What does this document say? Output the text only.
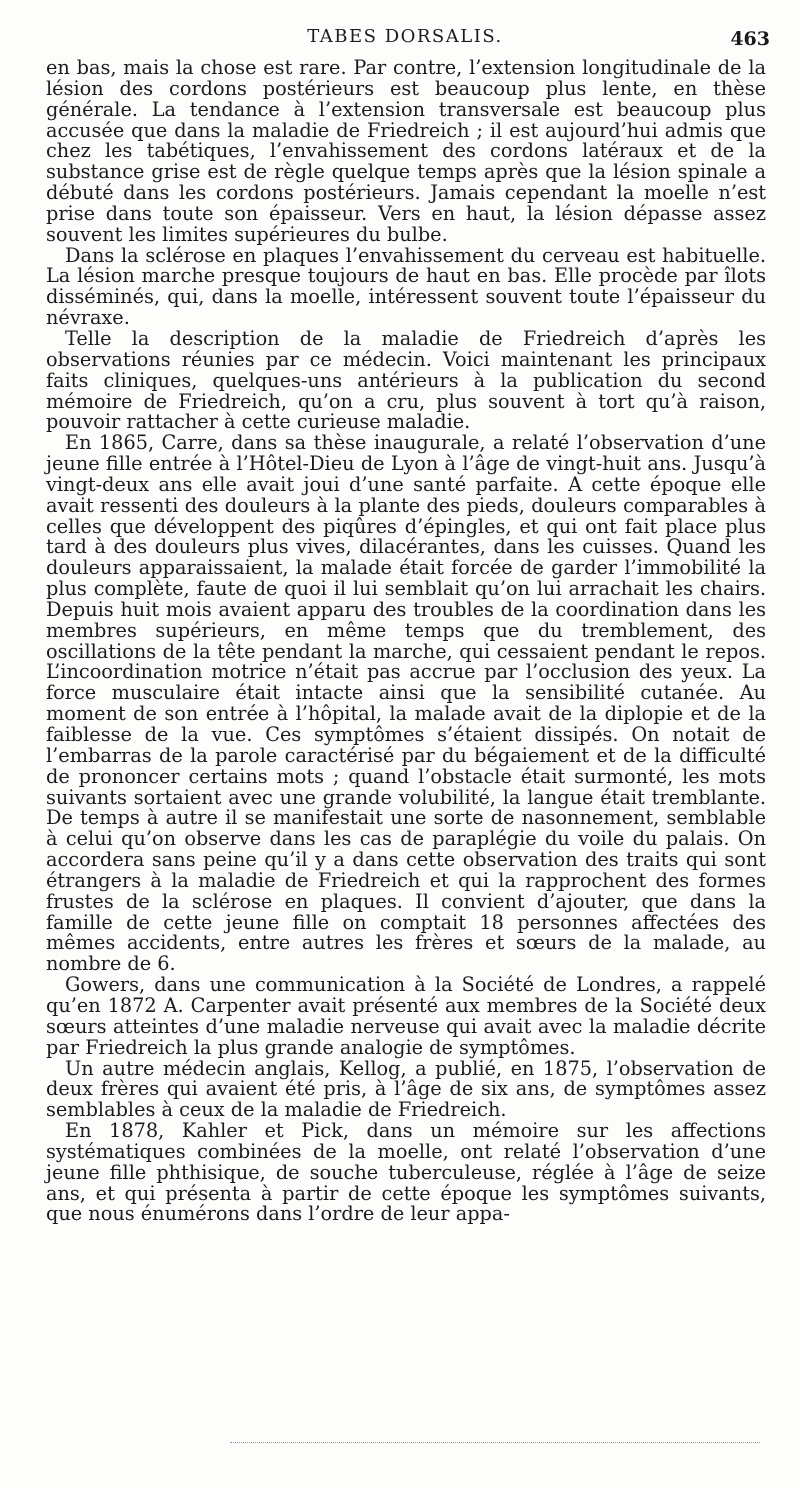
TABES DORSALIS.	463

en bas, mais la chose est rare. Par contre, l’extension longitudinale de la lésion des cordons postérieurs est beaucoup plus lente, en thèse générale. La tendance à l’extension transversale est beaucoup plus accusée que dans la maladie de Friedreich ; il est aujourd’hui admis que chez les tabétiques, l’envahissement des cordons latéraux et de la substance grise est de règle quelque temps après que la lésion spinale a débuté dans les cordons postérieurs. Jamais cependant la moelle n’est prise dans toute son épaisseur. Vers en haut, la lésion dépasse assez souvent les limites supérieures du bulbe.

Dans la sclérose en plaques l’envahissement du cerveau est habituelle. La lésion marche presque toujours de haut en bas. Elle procède par îlots disséminés, qui, dans la moelle, intéressent souvent toute l’épaisseur du névraxe.

Telle la description de la maladie de Friedreich d’après les observations réunies par ce médecin. Voici maintenant les principaux faits cliniques, quelques-uns antérieurs à la publication du second mémoire de Friedreich, qu’on a cru, plus souvent à tort qu’à raison, pouvoir rattacher à cette curieuse maladie.

En 1865, Carre, dans sa thèse inaugurale, a relaté l’observation d’une jeune fille entrée à l’Hôtel-Dieu de Lyon à l’âge de vingt-huit ans. Jusqu’à vingt-deux ans elle avait joui d’une santé parfaite. A cette époque elle avait ressenti des douleurs à la plante des pieds, douleurs comparables à celles que développent des piqûres d’épingles, et qui ont fait place plus tard à des douleurs plus vives, dilacérantes, dans les cuisses. Quand les douleurs apparaissaient, la malade était forcée de garder l’immobilité la plus complète, faute de quoi il lui semblait qu’on lui arrachait les chairs. Depuis huit mois avaient apparu des troubles de la coordination dans les membres supérieurs, en même temps que du tremblement, des oscillations de la tête pendant la marche, qui cessaient pendant le repos. L’incoordination motrice n’était pas accrue par l’occlusion des yeux. La force musculaire était intacte ainsi que la sensibilité cutanée. Au moment de son entrée à l’hôpital, la malade avait de la diplopie et de la faiblesse de la vue. Ces symptômes s’étaient dissipés. On notait de l’embarras de la parole caractérisé par du bégaiement et de la difficulté de prononcer certains mots ; quand l’obstacle était surmonté, les mots suivants sortaient avec une grande volubilité, la langue était tremblante. De temps à autre il se manifestait une sorte de nasonnement, semblable à celui qu’on observe dans les cas de paraplégie du voile du palais. On accordera sans peine qu’il y a dans cette observation des traits qui sont étrangers à la maladie de Friedreich et qui la rapprochent des formes frustes de la sclérose en plaques. Il convient d’ajouter, que dans la famille de cette jeune fille on comptait 18 personnes affectées des mêmes accidents, entre autres les frères et sœurs de la malade, au nombre de 6.

Gowers, dans une communication à la Société de Londres, a rappelé qu’en 1872 A. Carpenter avait présenté aux membres de la Société deux sœurs atteintes d’une maladie nerveuse qui avait avec la maladie décrite par Friedreich la plus grande analogie de symptômes.

Un autre médecin anglais, Kellog, a publié, en 1875, l’observation de deux frères qui avaient été pris, à l’âge de six ans, de symptômes assez semblables à ceux de la maladie de Friedreich.

En 1878, Kahler et Pick, dans un mémoire sur les affections systématiques combinées de la moelle, ont relaté l’observation d’une jeune fille phthisique, de souche tuberculeuse, réglée à l’âge de seize ans, et qui présenta à partir de cette époque les symptômes suivants, que nous énumérons dans l’ordre de leur appa-
